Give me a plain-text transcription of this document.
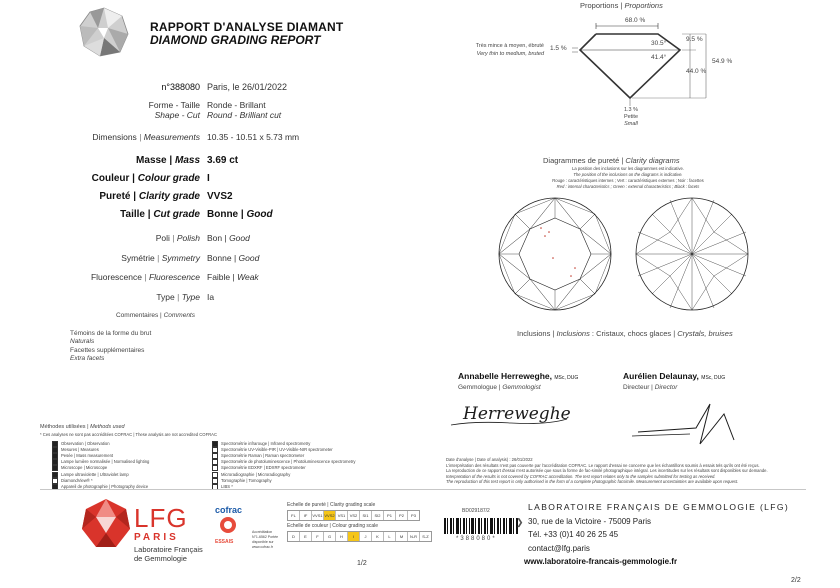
RAPPORT D'ANALYSE DIAMANT
DIAMOND GRADING REPORT
n°388080 Paris, le 26/01/2022
Forme - Taille
Shape - Cut
Ronde - Brillant
Round - Brilliant cut
Dimensions | Measurements 10.35 - 10.51 x 5.73 mm
Masse | Mass 3.69 ct
Couleur | Colour grade I
Pureté | Clarity grade VVS2
Taille | Cut grade Bonne | Good
Poli | Polish Bon | Good
Symétrie | Symmetry Bonne | Good
Fluorescence | Fluorescence Faible | Weak
Type | Type Ia
Commentaires | Comments
Témoins de la forme du brut
Naturals
Facettes supplémentaires
Extra facets
Proportions | Proportions
68.0 %
30.5°
9.5 %
41.4°
44.0 %
54.9 %
1.5 %
Très mince à moyen, ébruté
Very thin to medium, bruted
1.3 %
Petite
Small
Diagrammes de pureté | Clarity diagrams
La position des inclusions sur les diagrammes est indicative.
The position of the inclusions on the diagrams is indicative.
Rouge : caractéristiques internes ; Vert : caractéristiques externes ; Noir : facettes
Red : internal characteristics ; Green : external characteristics ; Black : facets
Inclusions | Inclusions : Cristaux, chocs glaces | Crystals, bruises
Annabelle Herreweghe, MSc, DUG
Gemmologue | Gemmologist
Herreweghe
Aurélien Delaunay, MSc, DUG
Directeur | Director
Méthodes utilisées | Methods used
* Ces analyses ne sont pas accréditées COFRAC | These analysis are not accredited COFRAC
Observation | Observation
Mesures | Measures
Pesée | Mass measurement
Lampe lumière normalisée | Normalised lighting
Microscope | Microscope
Lampe ultraviolette | Ultraviolet lamp
DiamondView® *
Appareil de photographie | Photography device
Spectrométrie infrarouge | Infrared spectrometry
Spectrométrie UV-Visible-PIR | UV-Visible-NIR spectrometer
Spectrométrie Raman | Raman spectrometer
Spectrométrie de photoluminescence | Photoluminescence spectrometry
Spectrométrie EDXRF | EDXRF spectrometer
Microradiographie | Microradiography
Tomographie | Tomography
LIBS *
Date d'analyse | Date of analysis) : 26/01/2022
L'interprétation des résultats n'est pas couverte par l'accréditation COFRAC. Le rapport d'essai ne concerne que les échantillons soumis à essais tels qu'ils ont été reçus.
La reproduction de ce rapport d'essai n'est autorisée que sous la forme de fac-similé photographique intégral. Les incertitudes sur les résultats sont disponibles sur demande.
Interpretation of the results is not covered by COFRAC accreditation. The test report relates only to the samples submitted for testing as received.
The reproduction of this test report is only authorised in the form of a complete photographic facsimile. Measurement uncertainties are available upon request.
LFG
PARIS
Laboratoire Français
de Gemmologie
cofrac
ESSAIS
Accréditation N°1-6562 Portée disponible sur www.cofrac.fr
Echelle de pureté | Clarity grading scale
FL	IF	VVS1 VVS2 VS1	VS2	SI1	SI2	P1	P2	P3
Echelle de couleur | Colour grading scale
D	E	F	G	H	I	J	K	L	M	N-R	S-Z
BD029187/2
*388080*
LABORATOIRE FRANÇAIS DE GEMMOLOGIE (LFG)
❯ 30, rue de la Victoire - 75009 Paris
Tél. +33 (0)1 40 26 25 45
contact@lfg.paris
www.laboratoire-francais-gemmologie.fr
1/2
2/2
